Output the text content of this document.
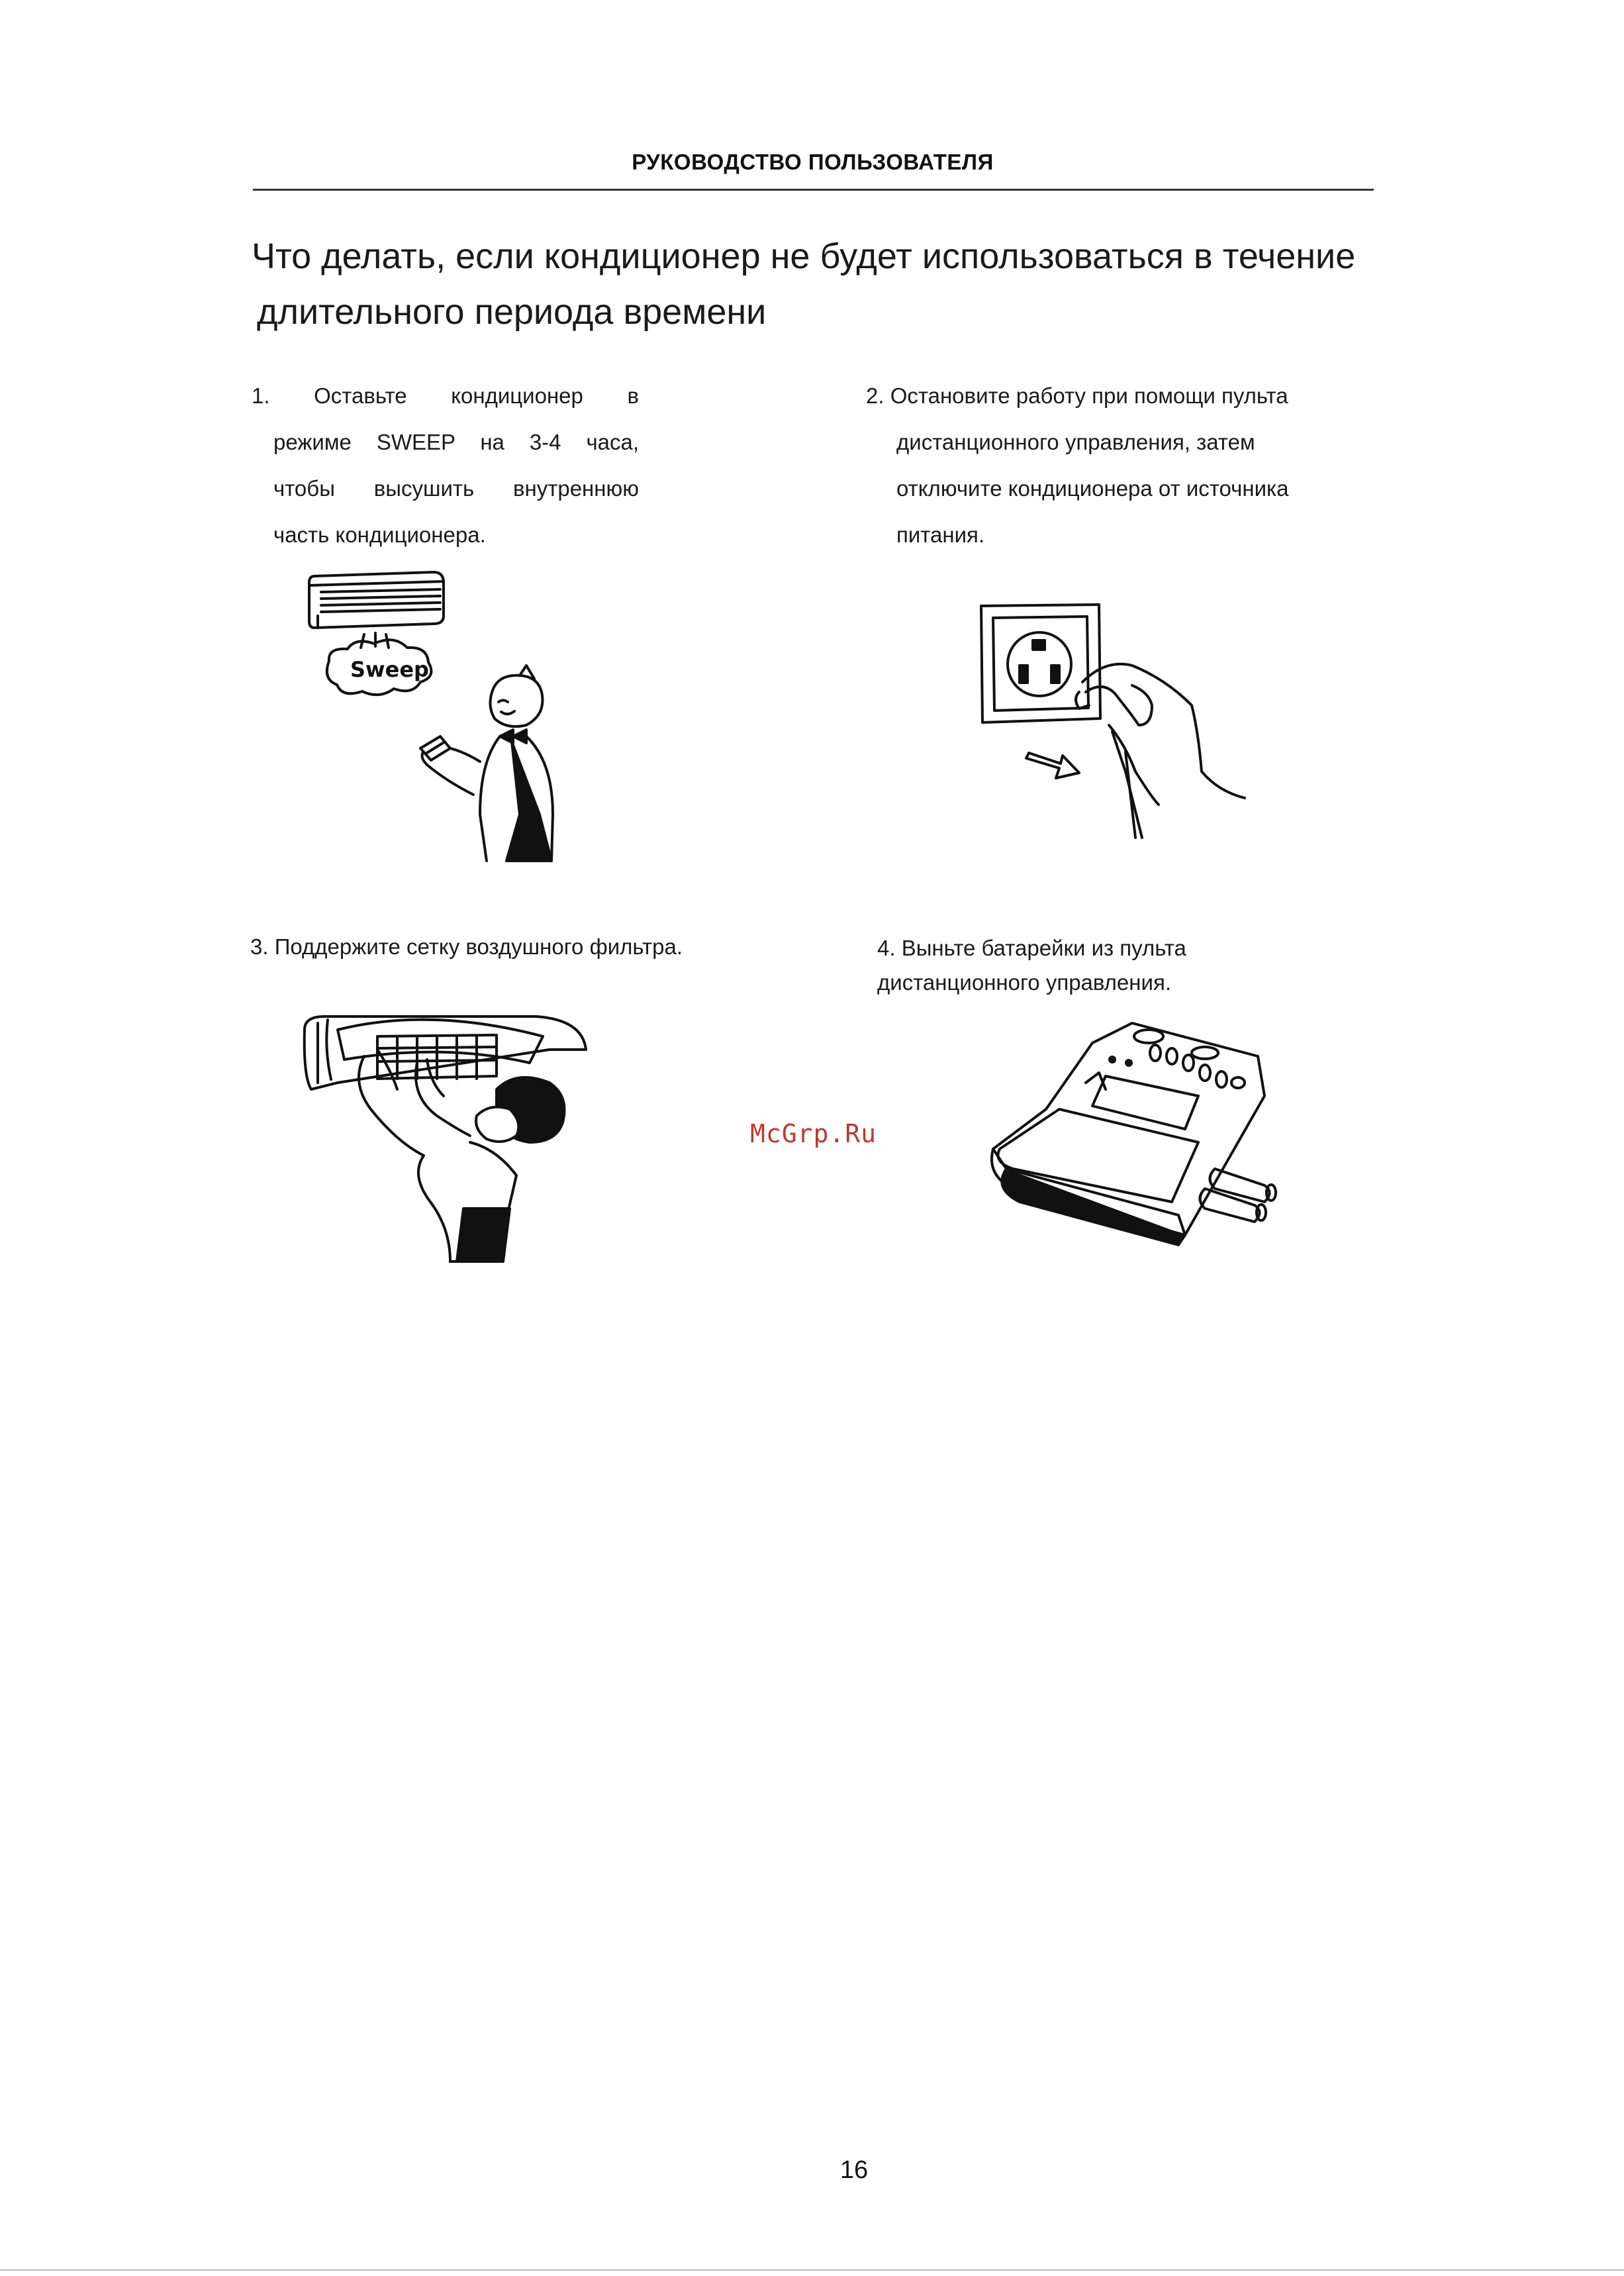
РУКОВОДСТВО ПОЛЬЗОВАТЕЛЯ
Что делать, если кондиционер не будет использоваться в течение
длительного периода времени
1. Оставьте кондиционер в
режиме SWEEP на 3-4 часа,
чтобы высушить внутреннюю
часть кондиционера.
Sweep
2. Остановите работу при помощи пульта
дистанционного управления, затем
отключите кондиционера от источника
питания.
3. Поддержите сетку воздушного фильтра.	4. Выньте батарейки из пульта
дистанционного управления.
McGrp.Ru
16
